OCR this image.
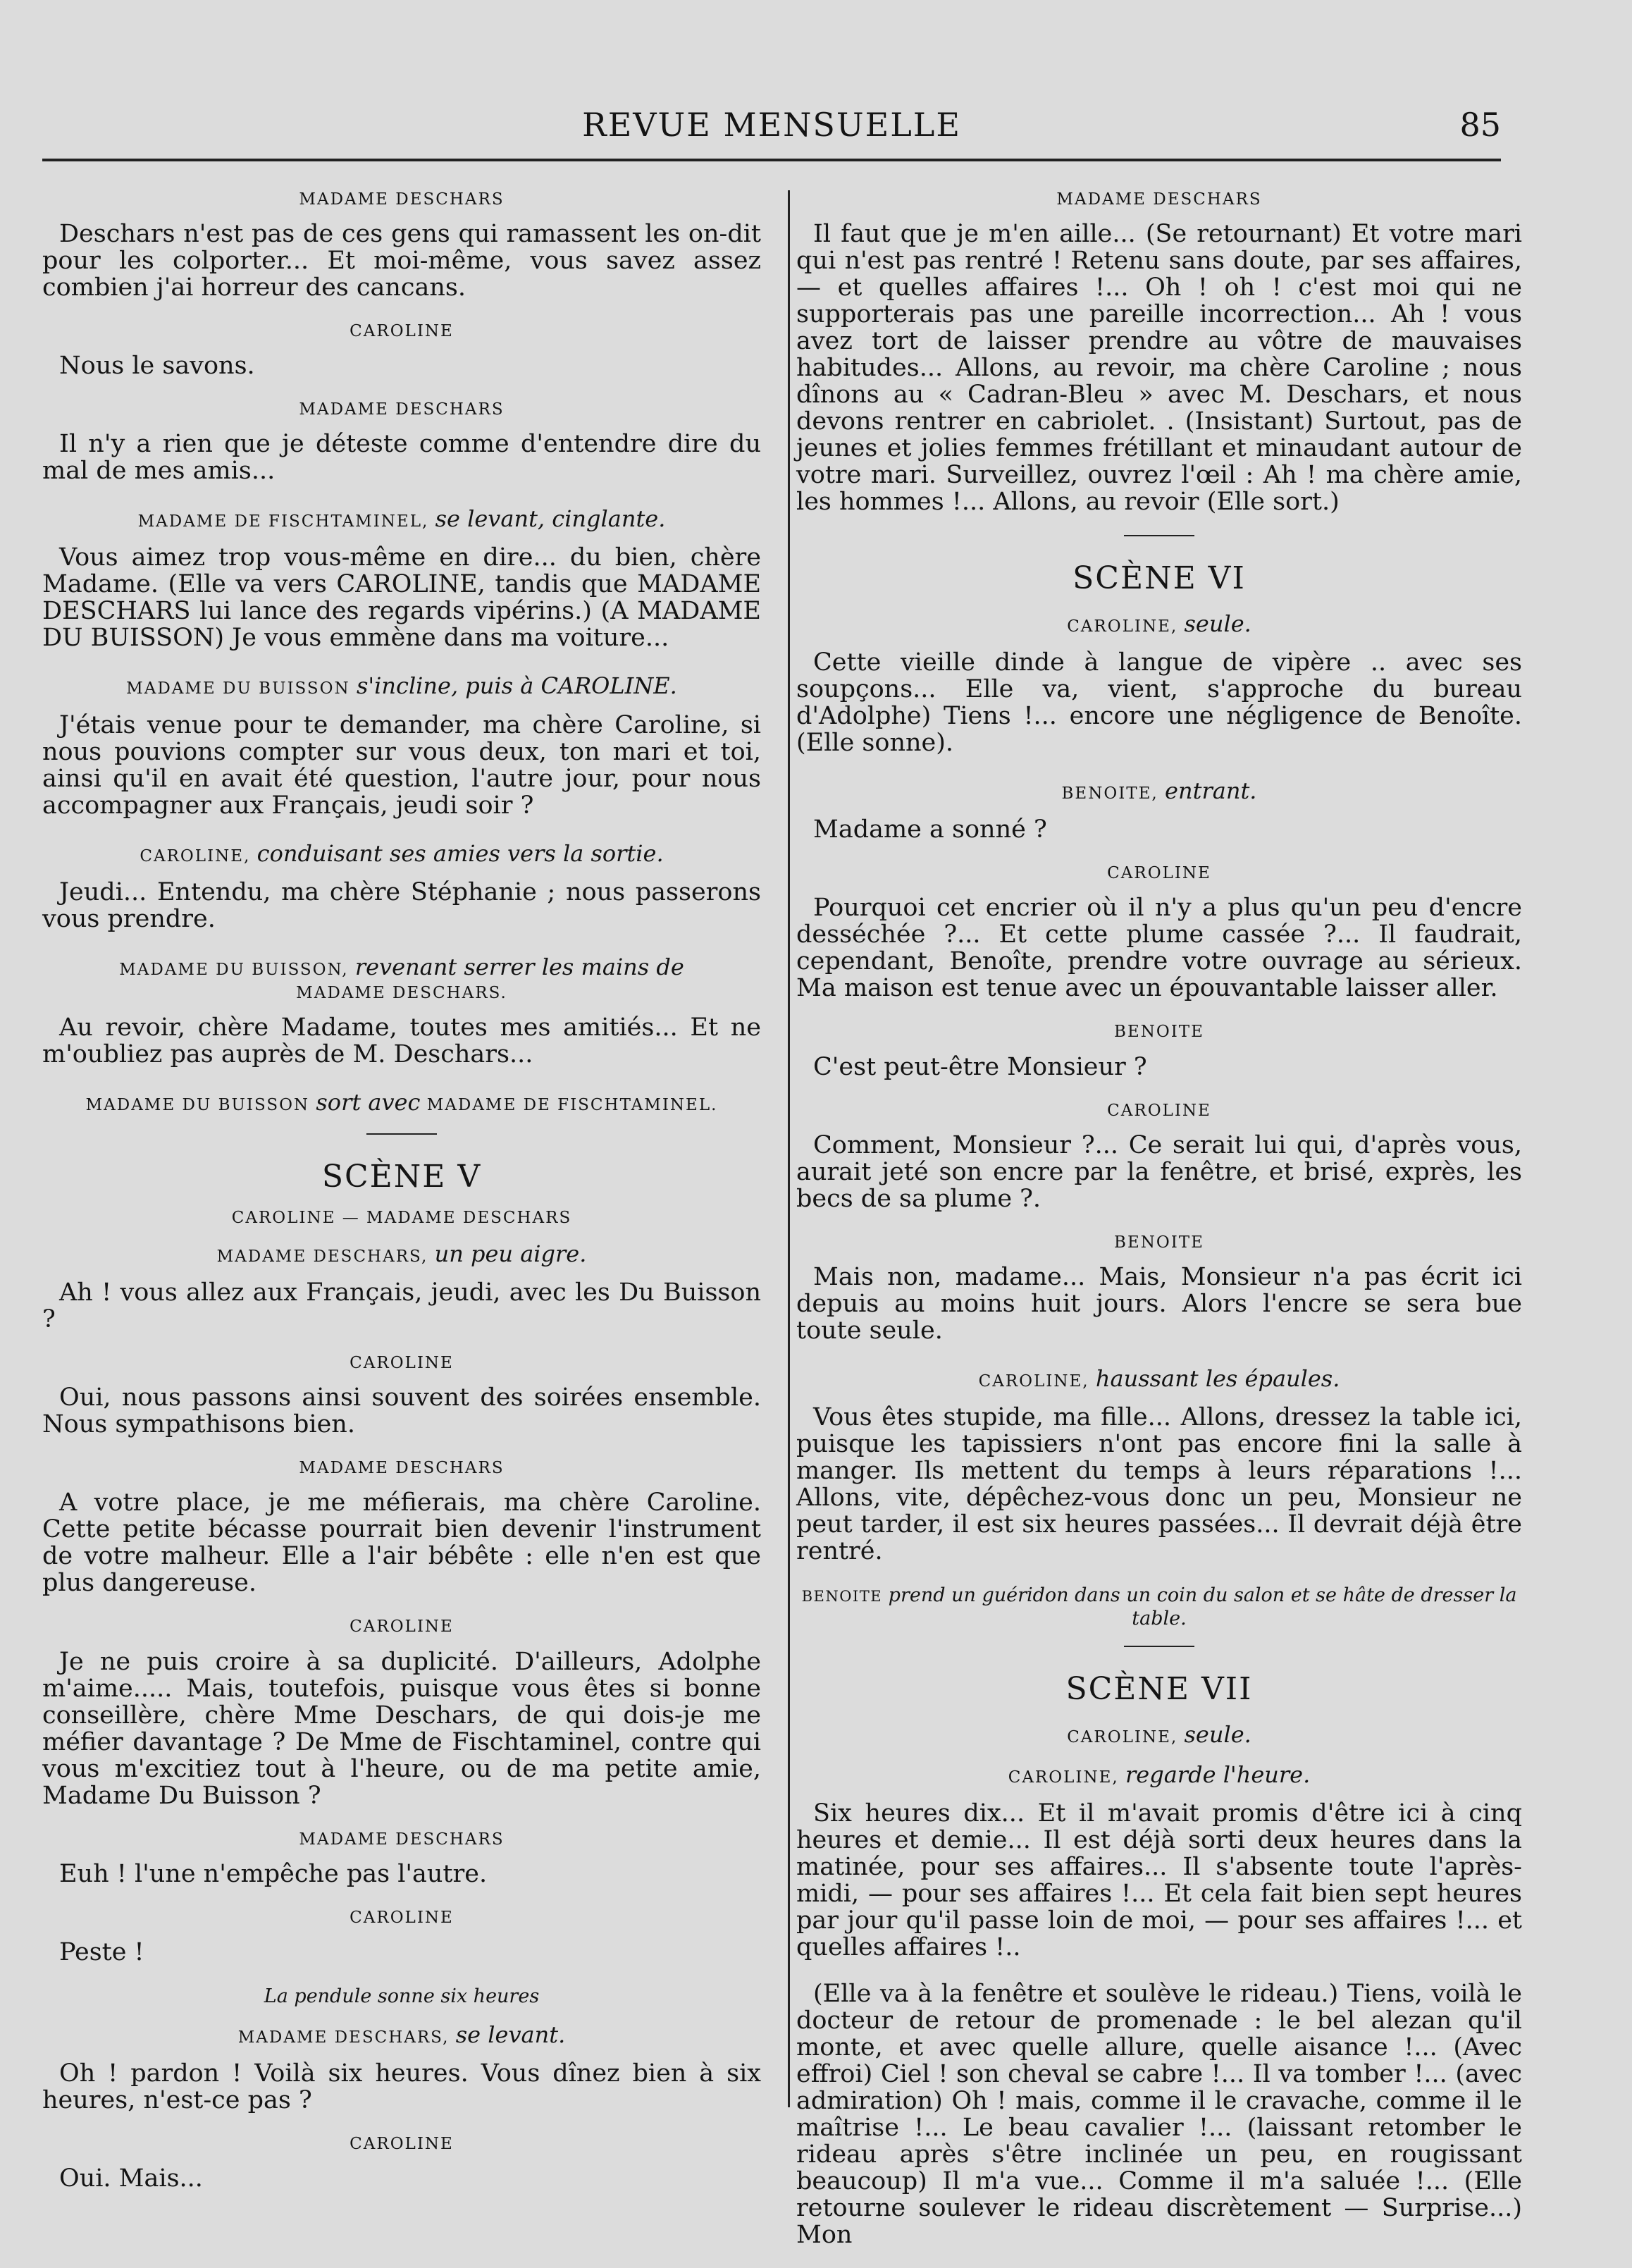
REVUE MENSUELLE	85
MADAME DESCHARS
Deschars n'est pas de ces gens qui ramassent les on-dit pour les colporter... Et moi-même, vous savez assez combien j'ai horreur des cancans.
CAROLINE
Nous le savons.
MADAME DESCHARS
Il n'y a rien que je déteste comme d'entendre dire du mal de mes amis...
MADAME DE FISCHTAMINEL, se levant, cinglante.
Vous aimez trop vous-même en dire... du bien, chère Madame. (Elle va vers CAROLINE, tandis que MADAME DESCHARS lui lance des regards vipérins.) (A MADAME DU BUISSON) Je vous emmène dans ma voiture...
MADAME DU BUISSON s'incline, puis à CAROLINE.
J'étais venue pour te demander, ma chère Caroline, si nous pouvions compter sur vous deux, ton mari et toi, ainsi qu'il en avait été question, l'autre jour, pour nous accompagner aux Français, jeudi soir ?
CAROLINE, conduisant ses amies vers la sortie.
Jeudi... Entendu, ma chère Stéphanie ; nous passerons vous prendre.
MADAME DU BUISSON, revenant serrer les mains de
MADAME DESCHARS.
Au revoir, chère Madame, toutes mes amitiés... Et ne m'oubliez pas auprès de M. Deschars...
MADAME DU BUISSON sort avec MADAME DE FISCHTAMINEL.
SCÈNE V
CAROLINE — MADAME DESCHARS
MADAME DESCHARS, un peu aigre.
Ah ! vous allez aux Français, jeudi, avec les Du Buisson ?
CAROLINE
Oui, nous passons ainsi souvent des soirées ensemble. Nous sympathisons bien.
MADAME DESCHARS
A votre place, je me méfierais, ma chère Caroline. Cette petite bécasse pourrait bien devenir l'instrument de votre malheur. Elle a l'air bébête : elle n'en est que plus dangereuse.
CAROLINE
Je ne puis croire à sa duplicité. D'ailleurs, Adolphe m'aime..... Mais, toutefois, puisque vous êtes si bonne conseillère, chère Mme Deschars, de qui dois-je me méfier davantage ? De Mme de Fischtaminel, contre qui vous m'excitiez tout à l'heure, ou de ma petite amie, Madame Du Buisson ?
MADAME DESCHARS
Euh ! l'une n'empêche pas l'autre.
CAROLINE
Peste !
La pendule sonne six heures
MADAME DESCHARS, se levant.
Oh ! pardon ! Voilà six heures. Vous dînez bien à six heures, n'est-ce pas ?
CAROLINE
Oui. Mais...
MADAME DESCHARS
Il faut que je m'en aille... (Se retournant) Et votre mari qui n'est pas rentré ! Retenu sans doute, par ses affaires, — et quelles affaires !... Oh ! oh ! c'est moi qui ne supporterais pas une pareille incorrection... Ah ! vous avez tort de laisser prendre au vôtre de mauvaises habitudes... Allons, au revoir, ma chère Caroline ; nous dînons au « Cadran-Bleu » avec M. Deschars, et nous devons rentrer en cabriolet. . (Insistant) Surtout, pas de jeunes et jolies femmes frétillant et minaudant autour de votre mari. Surveillez, ouvrez l'œil : Ah ! ma chère amie, les hommes !... Allons, au revoir (Elle sort.)
SCÈNE VI
CAROLINE, seule.
Cette vieille dinde à langue de vipère .. avec ses soupçons... Elle va, vient, s'approche du bureau d'Adolphe) Tiens !... encore une négligence de Benoîte. (Elle sonne).
BENOITE, entrant.
Madame a sonné ?
CAROLINE
Pourquoi cet encrier où il n'y a plus qu'un peu d'encre desséchée ?... Et cette plume cassée ?... Il faudrait, cependant, Benoîte, prendre votre ouvrage au sérieux. Ma maison est tenue avec un épouvantable laisser aller.
BENOITE
C'est peut-être Monsieur ?
CAROLINE
Comment, Monsieur ?... Ce serait lui qui, d'après vous, aurait jeté son encre par la fenêtre, et brisé, exprès, les becs de sa plume ?.
BENOITE
Mais non, madame... Mais, Monsieur n'a pas écrit ici depuis au moins huit jours. Alors l'encre se sera bue toute seule.
CAROLINE, haussant les épaules.
Vous êtes stupide, ma fille... Allons, dressez la table ici, puisque les tapissiers n'ont pas encore fini la salle à manger. Ils mettent du temps à leurs réparations !... Allons, vite, dépêchez-vous donc un peu, Monsieur ne peut tarder, il est six heures passées... Il devrait déjà être rentré.
BENOITE prend un guéridon dans un coin du salon et se hâte de dresser la table.
SCÈNE VII
CAROLINE, seule.
CAROLINE, regarde l'heure.
Six heures dix... Et il m'avait promis d'être ici à cinq heures et demie... Il est déjà sorti deux heures dans la matinée, pour ses affaires... Il s'absente toute l'après-midi, — pour ses affaires !... Et cela fait bien sept heures par jour qu'il passe loin de moi, — pour ses affaires !... et quelles affaires !..
(Elle va à la fenêtre et soulève le rideau.) Tiens, voilà le docteur de retour de promenade : le bel alezan qu'il monte, et avec quelle allure, quelle aisance !... (Avec effroi) Ciel ! son cheval se cabre !... Il va tomber !... (avec admiration) Oh ! mais, comme il le cravache, comme il le maîtrise !... Le beau cavalier !... (laissant retomber le rideau après s'être inclinée un peu, en rougissant beaucoup) Il m'a vue... Comme il m'a saluée !... (Elle retourne soulever le rideau discrètement — Surprise...) Mon
